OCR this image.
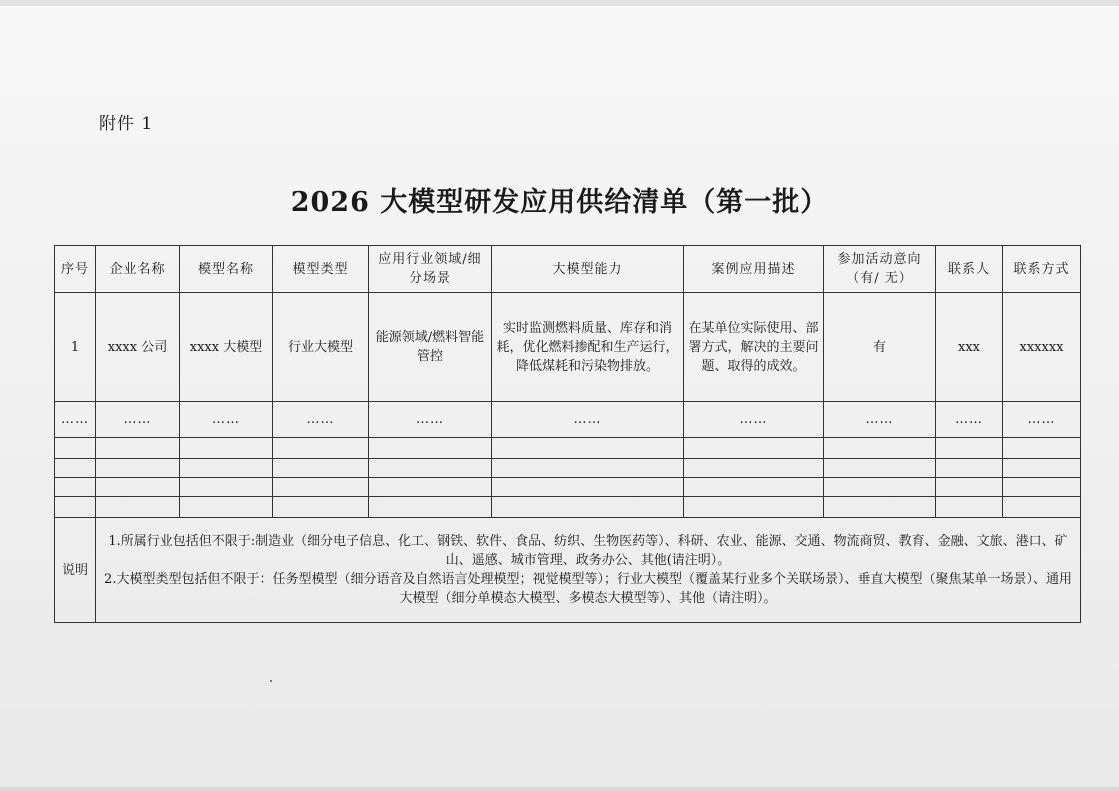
附件 1
2026 大模型研发应用供给清单（第一批）
序号	企业名称	模型名称	模型类型	应用行业领域/细分场景	大模型能力	案例应用描述	参加活动意向（有/ 无）	联系人	联系方式
1	xxxx 公司	xxxx 大模型	行业大模型	能源领域/燃料智能管控	实时监测燃料质量、库存和消耗，优化燃料掺配和生产运行，降低煤耗和污染物排放。	在某单位实际使用、部署方式，解决的主要问题、取得的成效。	有	xxx	xxxxxx
……	……	……	……	……	……	……	……	……	……

说明	1.所属行业包括但不限于:制造业（细分电子信息、化工、钢铁、软件、食品、纺织、生物医药等）、科研、农业、能源、交通、物流商贸、教育、金融、文旅、港口、矿山、遥感、城市管理、政务办公、其他(请注明）。
2.大模型类型包括但不限于：任务型模型（细分语音及自然语言处理模型；视觉模型等）；行业大模型（覆盖某行业多个关联场景）、垂直大模型（聚焦某单一场景）、通用大模型（细分单模态大模型、多模态大模型等）、其他（请注明）。								
